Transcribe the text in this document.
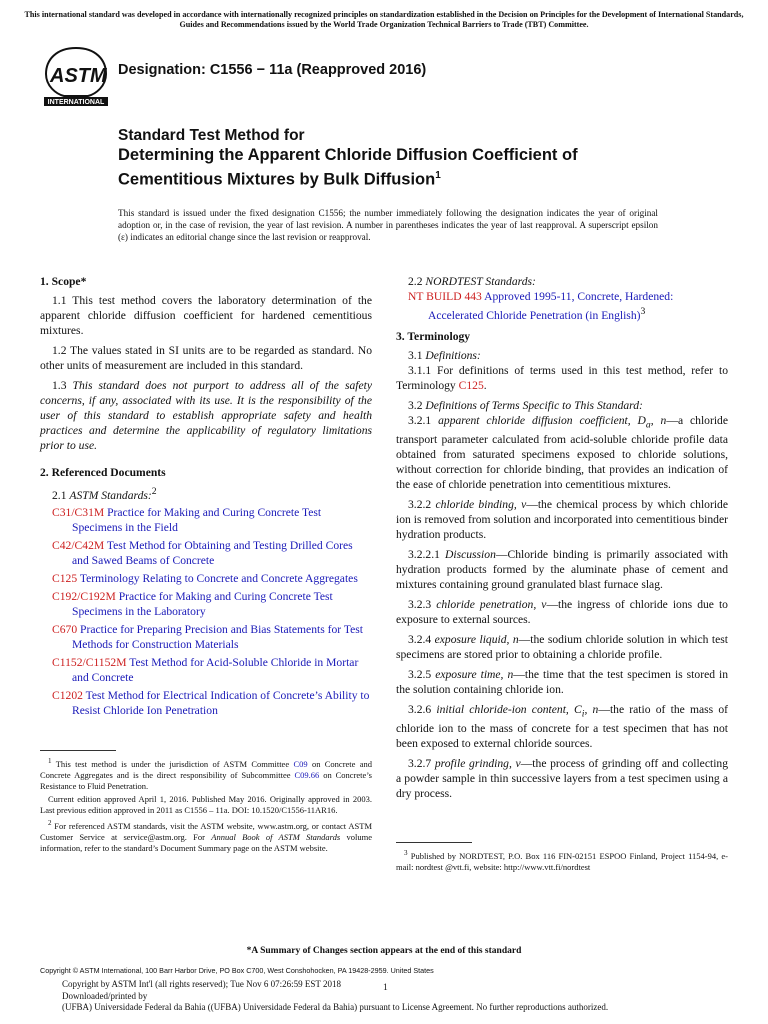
This international standard was developed in accordance with internationally recognized principles on standardization established in the Decision on Principles for the Development of International Standards, Guides and Recommendations issued by the World Trade Organization Technical Barriers to Trade (TBT) Committee.
ASTM
INTERNATIONAL
Designation: C1556 − 11a (Reapproved 2016)
Standard Test Method for
Determining the Apparent Chloride Diffusion Coefficient of
Cementitious Mixtures by Bulk Diffusion$^1$
This standard is issued under the fixed designation C1556; the number immediately following the designation indicates the year of original adoption or, in the case of revision, the year of last revision. A number in parentheses indicates the year of last reapproval. A superscript epsilon (ε) indicates an editorial change since the last revision or reapproval.
1. Scope*
1.1 This test method covers the laboratory determination of the apparent chloride diffusion coefficient for hardened cementitious mixtures.
1.2 The values stated in SI units are to be regarded as standard. No other units of measurement are included in this standard.
1.3 This standard does not purport to address all of the safety concerns, if any, associated with its use. It is the responsibility of the user of this standard to establish appropriate safety and health practices and determine the applicability of regulatory limitations prior to use.
2. Referenced Documents
2.1 ASTM Standards:$^2$
C31/C31M Practice for Making and Curing Concrete Test Specimens in the Field
C42/C42M Test Method for Obtaining and Testing Drilled Cores and Sawed Beams of Concrete
C125 Terminology Relating to Concrete and Concrete Aggregates
C192/C192M Practice for Making and Curing Concrete Test Specimens in the Laboratory
C670 Practice for Preparing Precision and Bias Statements for Test Methods for Construction Materials
C1152/C1152M Test Method for Acid-Soluble Chloride in Mortar and Concrete
C1202 Test Method for Electrical Indication of Concrete’s Ability to Resist Chloride Ion Penetration

$^1$ This test method is under the jurisdiction of ASTM Committee C09 on Concrete and Concrete Aggregates and is the direct responsibility of Subcommittee C09.66 on Concrete’s Resistance to Fluid Penetration.

Current edition approved April 1, 2016. Published May 2016. Originally approved in 2003. Last previous edition approved in 2011 as C1556 – 11a. DOI: 10.1520/C1556-11AR16.

$^2$ For referenced ASTM standards, visit the ASTM website, www.astm.org, or contact ASTM Customer Service at service@astm.org. For Annual Book of ASTM Standards volume information, refer to the standard’s Document Summary page on the ASTM website.

2.2 NORDTEST Standards:
NT BUILD 443 Approved 1995-11, Concrete, Hardened: Accelerated Chloride Penetration (in English)$^3$
3. Terminology
3.1 Definitions:
3.1.1 For definitions of terms used in this test method, refer to Terminology C125.
3.2 Definitions of Terms Specific to This Standard:
3.2.1 apparent chloride diffusion coefficient, $D_a$, n—a chloride transport parameter calculated from acid-soluble chloride profile data obtained from saturated specimens exposed to chloride solutions, without correction for chloride binding, that provides an indication of the ease of chloride penetration into cementitious mixtures.
3.2.2 chloride binding, v—the chemical process by which chloride ion is removed from solution and incorporated into cementitious binder hydration products.
3.2.2.1 Discussion—Chloride binding is primarily associated with hydration products formed by the aluminate phase of cement and mixtures containing ground granulated blast furnace slag.
3.2.3 chloride penetration, v—the ingress of chloride ions due to exposure to external sources.
3.2.4 exposure liquid, n—the sodium chloride solution in which test specimens are stored prior to obtaining a chloride profile.
3.2.5 exposure time, n—the time that the test specimen is stored in the solution containing chloride ion.
3.2.6 initial chloride-ion content, $C_i$, n—the ratio of the mass of chloride ion to the mass of concrete for a test specimen that has not been exposed to external chloride sources.
3.2.7 profile grinding, v—the process of grinding off and collecting a powder sample in thin successive layers from a test specimen using a dry process.

$^3$ Published by NORDTEST, P.O. Box 116 FIN-02151 ESPOO Finland, Project 1154-94, e-mail: nordtest @vtt.fi, website: http://www.vtt.fi/nordtest

*A Summary of Changes section appears at the end of this standard
Copyright © ASTM International, 100 Barr Harbor Drive, PO Box C700, West Conshohocken, PA 19428-2959. United States
Copyright by ASTM Int'l (all rights reserved); Tue Nov 6 07:26:59 EST 2018
Downloaded/printed by
(UFBA) Universidade Federal da Bahia ((UFBA) Universidade Federal da Bahia) pursuant to License Agreement. No further reproductions authorized.
1
